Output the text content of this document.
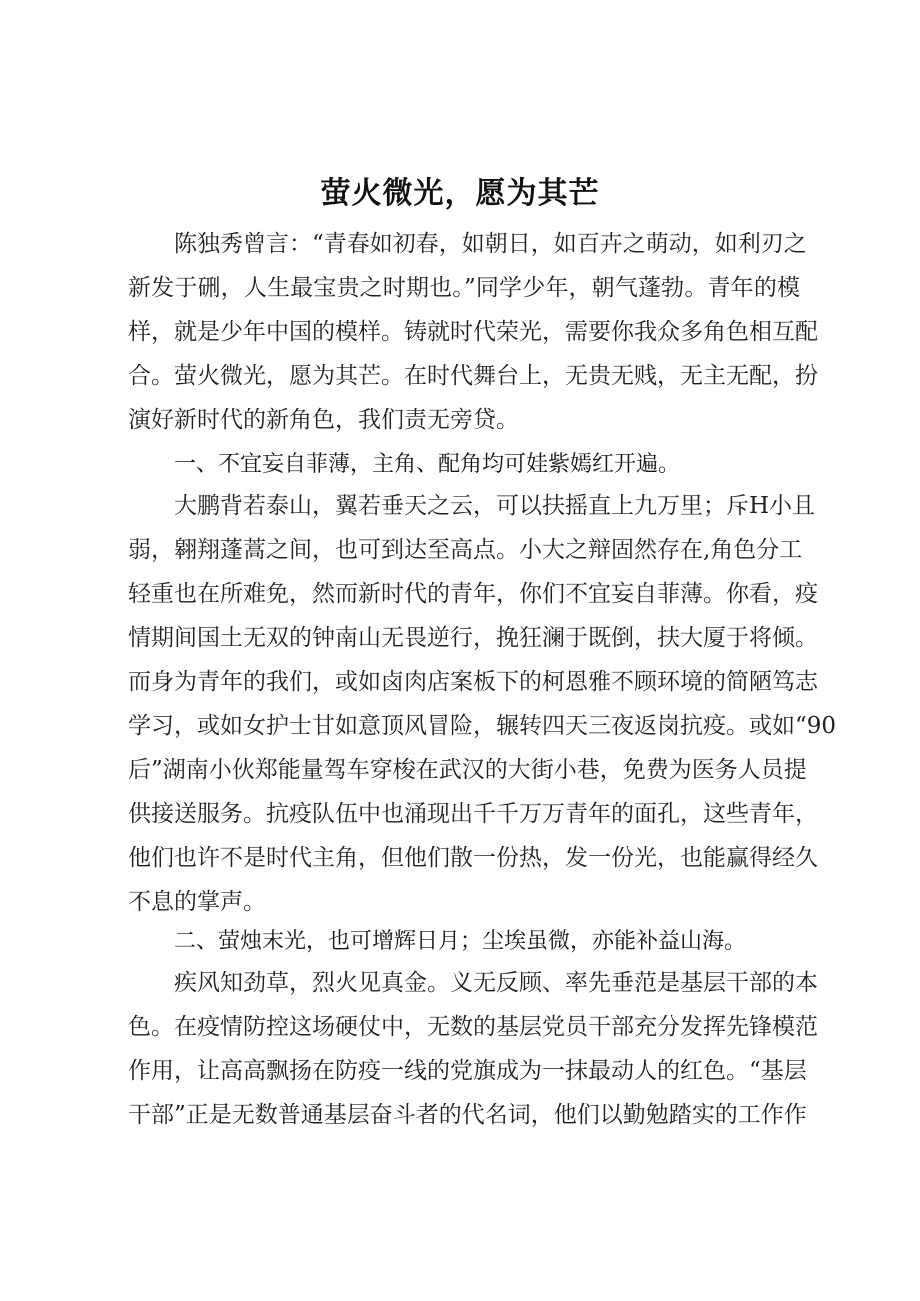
萤火微光，愿为其芒
陈独秀曾言：“青春如初春，如朝日，如百卉之萌动，如利刃之
新发于硎，人生最宝贵之时期也。”同学少年，朝气蓬勃。青年的模
样，就是少年中国的模样。铸就时代荣光，需要你我众多角色相互配
合。萤火微光，愿为其芒。在时代舞台上，无贵无贱，无主无配，扮
演好新时代的新角色，我们责无旁贷。
一、不宜妄自菲薄，主角、配角均可娃紫嫣红开遍。
大鹏背若泰山，翼若垂天之云，可以扶摇直上九万里；斥H小且
弱，翱翔蓬蒿之间，也可到达至高点。小大之辩固然存在,角色分工
轻重也在所难免，然而新时代的青年，你们不宜妄自菲薄。你看，疫
情期间国土无双的钟南山无畏逆行，挽狂澜于既倒，扶大厦于将倾。
而身为青年的我们，或如卤肉店案板下的柯恩雅不顾环境的简陋笃志
学习，或如女护士甘如意顶风冒险，辗转四天三夜返岗抗疫。或如“90
后”湖南小伙郑能量驾车穿梭在武汉的大街小巷，免费为医务人员提
供接送服务。抗疫队伍中也涌现出千千万万青年的面孔，这些青年，
他们也许不是时代主角，但他们散一份热，发一份光，也能赢得经久
不息的掌声。
二、萤烛末光，也可增辉日月；尘埃虽微，亦能补益山海。
疾风知劲草，烈火见真金。义无反顾、率先垂范是基层干部的本
色。在疫情防控这场硬仗中，无数的基层党员干部充分发挥先锋模范
作用，让高高飘扬在防疫一线的党旗成为一抹最动人的红色。“基层
干部”正是无数普通基层奋斗者的代名词，他们以勤勉踏实的工作作
